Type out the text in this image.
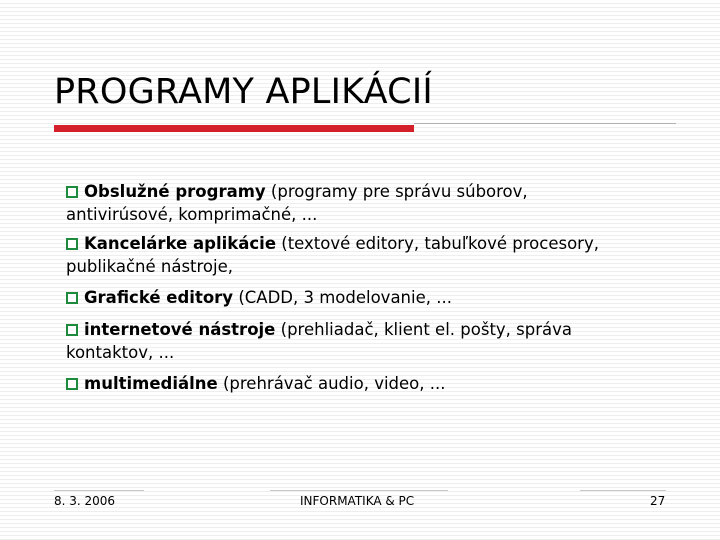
PROGRAMY APLIKÁCIÍ

Obslužné programy (programy pre správu súborov, antivirúsové, komprimačné, ...

Kancelárke aplikácie (textové editory, tabuľkové procesory, publikačné nástroje,

Grafické editory (CADD, 3 modelovanie, ...

internetové nástroje (prehliadač, klient el. pošty, správa kontaktov, ...

multimediálne (prehrávač audio, video, ...

8. 3. 2006	INFORMATIKA & PC	27
